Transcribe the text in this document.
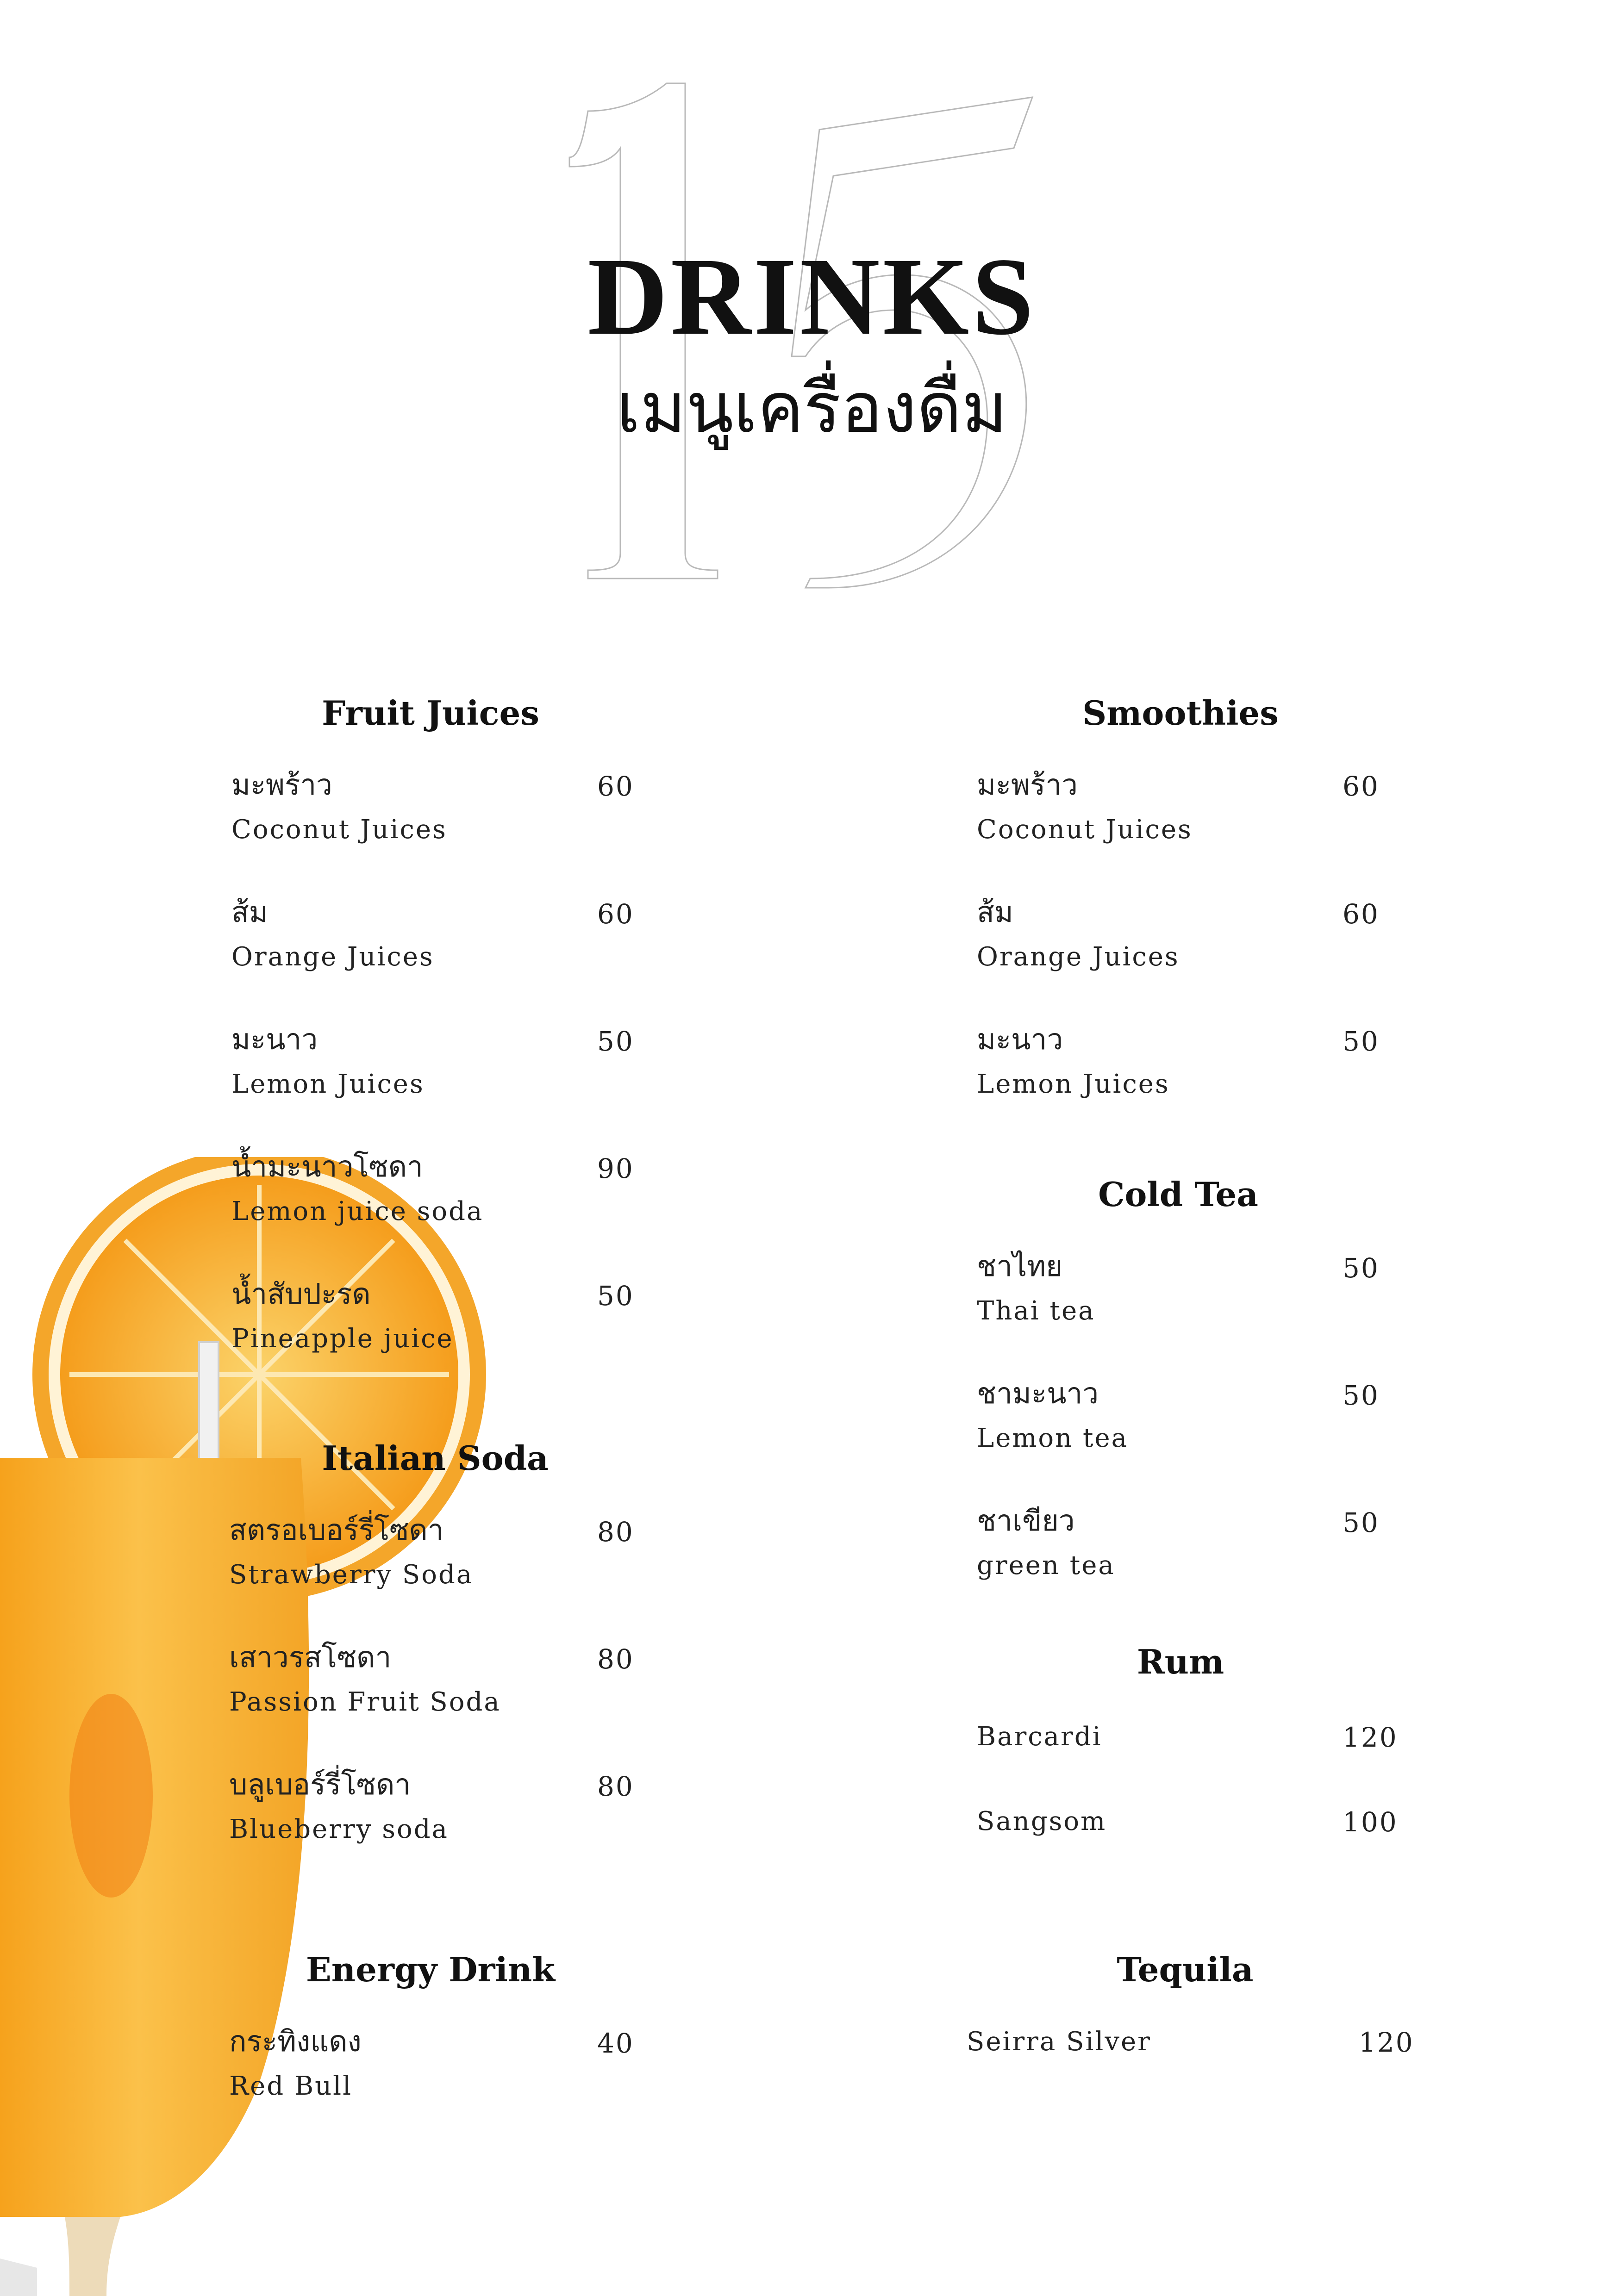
DRINKS
เมนูเครื่องดื่ม
Fruit Juices
มะพร้าว
Coconut Juices
60
ส้ม
Orange Juices
60
มะนาว
Lemon Juices
50
น้ำมะนาวโซดา
Lemon juice soda
90
น้ำสับปะรด
Pineapple juice
50
Italian Soda
สตรอเบอร์รี่โซดา
Strawberry Soda
80
เสาวรสโซดา
Passion Fruit Soda
80
บลูเบอร์รี่โซดา
Blueberry soda
80
Energy Drink
กระทิงแดง
Red Bull
40
Smoothies
มะพร้าว
Coconut Juices
60
ส้ม
Orange Juices
60
มะนาว
Lemon Juices
50
Cold Tea
ชาไทย
Thai tea
50
ชามะนาว
Lemon tea
50
ชาเขียว
green tea
50
Rum
Barcardi	120
Sangsom	100
Tequila
Seirra Silver	120
